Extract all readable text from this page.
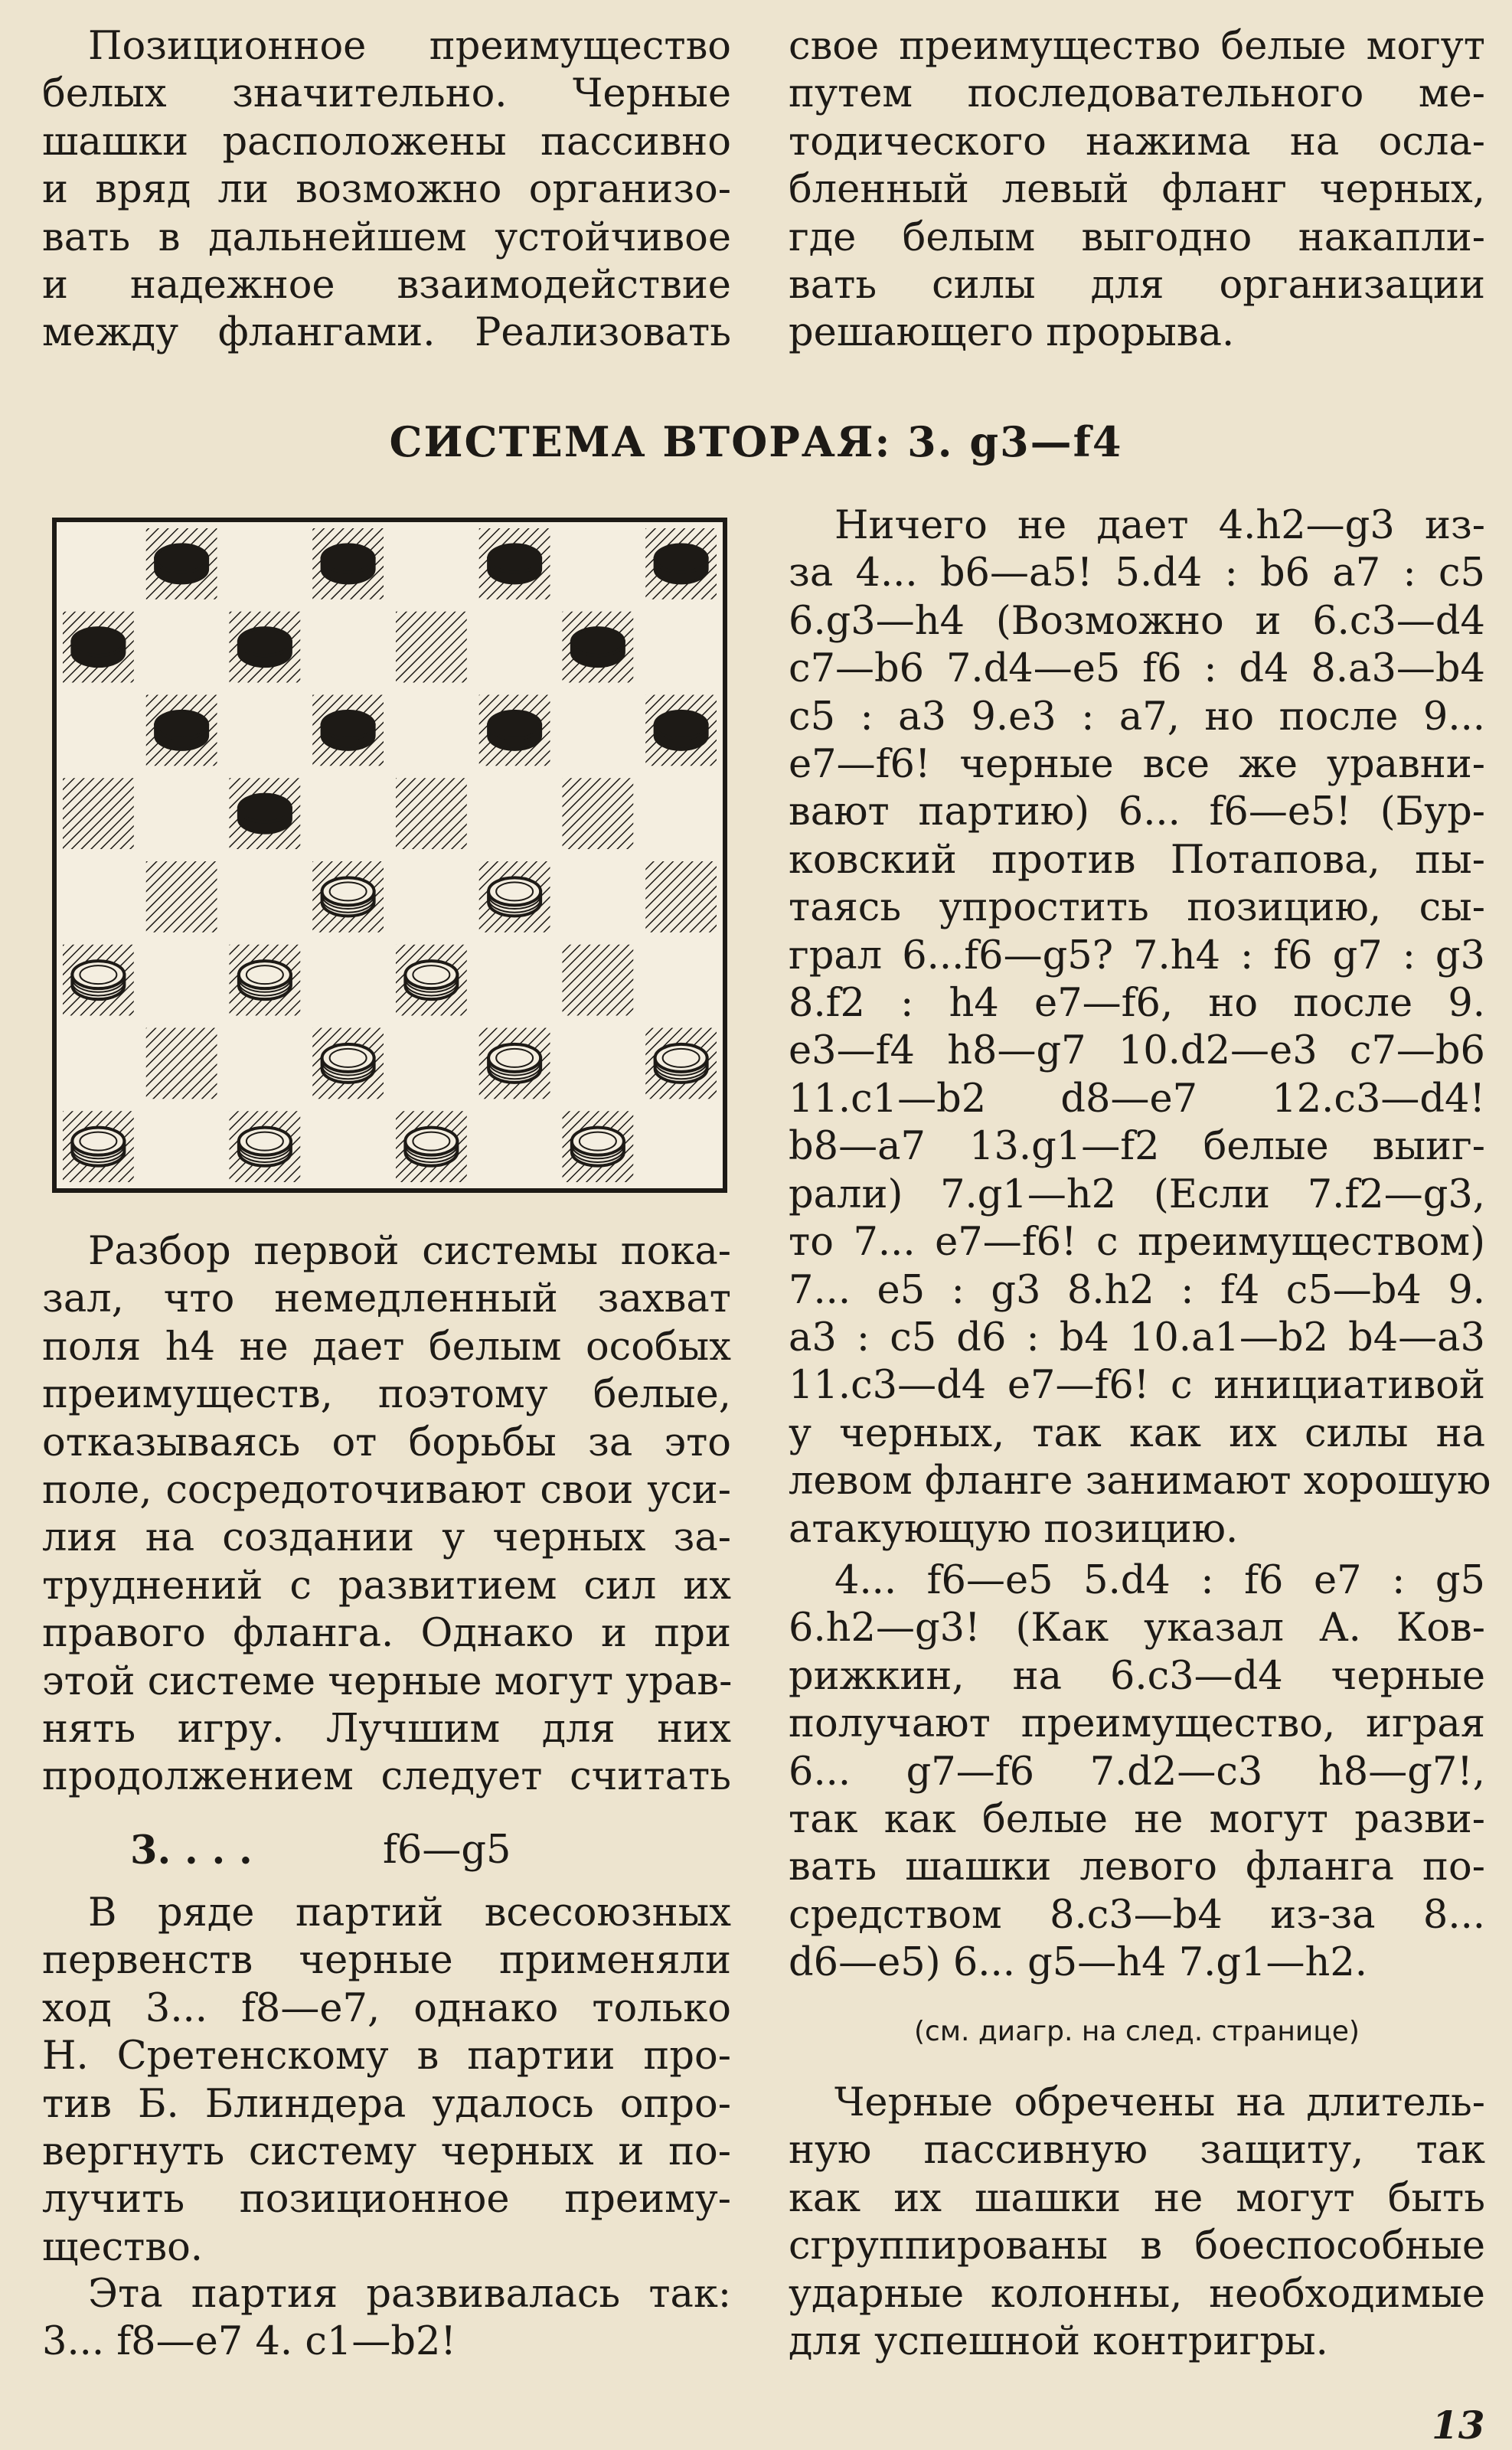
Позиционное преимущество
белых значительно. Черные
шашки расположены пассивно
и вряд ли возможно организо-
вать в дальнейшем устойчивое
и надежное взаимодействие
между флангами. Реализовать
свое преимущество белые могут
путем последовательного ме-
тодического нажима на осла-
бленный левый фланг черных,
где белым выгодно накапли-
вать силы для организации
решающего прорыва.
СИСТЕМА ВТОРАЯ: 3. g3—f4
Разбор первой системы пока-
зал, что немедленный захват
поля h4 не дает белым особых
преимуществ, поэтому белые,
отказываясь от борьбы за это
поле, сосредоточивают свои уси-
лия на создании у черных за-
труднений с развитием сил их
правого фланга. Однако и при
этой системе черные могут урав-
нять игру. Лучшим для них
продолжением следует считать
3. . . .	f6—g5
В ряде партий всесоюзных
первенств черные применяли
ход 3... f8—e7, однако только
Н. Сретенскому в партии про-
тив Б. Блиндера удалось опро-
вергнуть систему черных и по-
лучить позиционное преиму-
щество.
Эта партия развивалась так:
3... f8—e7 4. c1—b2!
Ничего не дает 4.h2—g3 из-
за 4... b6—a5! 5.d4 : b6 a7 : c5
6.g3—h4 (Возможно и 6.c3—d4
c7—b6 7.d4—e5 f6 : d4 8.a3—b4
c5 : a3 9.e3 : a7, но после 9...
e7—f6! черные все же уравни-
вают партию) 6... f6—e5! (Бур-
ковский против Потапова, пы-
таясь упростить позицию, сы-
грал 6...f6—g5? 7.h4 : f6 g7 : g3
8.f2 : h4 e7—f6, но после 9.
e3—f4 h8—g7 10.d2—e3 c7—b6
11.c1—b2 d8—e7 12.c3—d4!
b8—a7 13.g1—f2 белые выиг-
рали) 7.g1—h2 (Если 7.f2—g3,
то 7... e7—f6! с преимуществом)
7... e5 : g3 8.h2 : f4 c5—b4 9.
a3 : c5 d6 : b4 10.a1—b2 b4—a3
11.c3—d4 e7—f6! с инициативой
у черных, так как их силы на
левом фланге занимают хорошую
атакующую позицию.
4... f6—e5 5.d4 : f6 e7 : g5
6.h2—g3! (Как указал А. Ков-
рижкин, на 6.c3—d4 черные
получают преимущество, играя
6... g7—f6 7.d2—c3 h8—g7!,
так как белые не могут разви-
вать шашки левого фланга по-
средством 8.c3—b4 из-за 8...
d6—e5) 6... g5—h4 7.g1—h2.
(см. диагр. на след. странице)
Черные обречены на длитель-
ную пассивную защиту, так
как их шашки не могут быть
сгруппированы в боеспособные
ударные колонны, необходимые
для успешной контригры.
13
